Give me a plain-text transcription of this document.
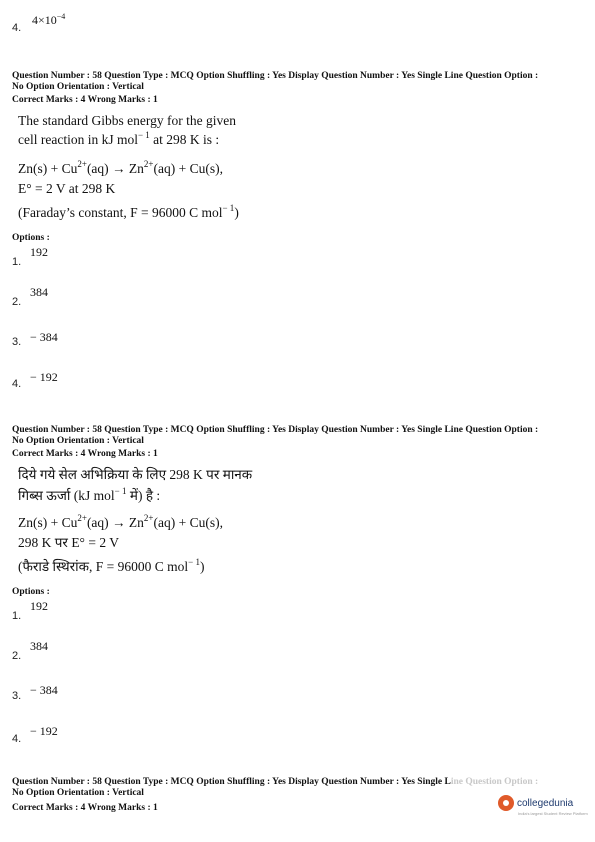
4.
$4\times 10^{-4}$
Question Number : 58 Question Type : MCQ Option Shuffling : Yes Display Question Number : Yes Single Line Question Option :
No Option Orientation : Vertical
Correct Marks : 4 Wrong Marks : 1
The standard Gibbs energy for the given
cell reaction in kJ mol$^{- 1}$ at 298 K is :
$Zn(s) + Cu^{2+}(aq) \to Zn^{2+}(aq) + Cu(s)$,
E° = 2 V at 298 K
(Faraday’s constant, F = 96000 C mol$^{- 1}$)
Options :
1.
192
2.
384
3. − 384
4. − 192
Question Number : 58 Question Type : MCQ Option Shuffling : Yes Display Question Number : Yes Single Line Question Option :
No Option Orientation : Vertical
Correct Marks : 4 Wrong Marks : 1
दिये गये सेल अभिक्रिया के लिए 298 K पर मानक
गिब्स ऊर्जा (kJ mol$^{- 1}$ में) है :
$Zn(s) + Cu^{2+}(aq) \to Zn^{2+}(aq) + Cu(s)$,
298 K पर E° = 2 V
(फैराडे स्थिरांक, F = 96000 C mol$^{- 1}$)
Options :
1.
192
2.
384
3. − 384
4.
− 192
Question Number : 58 Question Type : MCQ Option Shuffling : Yes Display Question Number : Yes Single Line Question Option :
No Option Orientation : Vertical
Correct Marks : 4 Wrong Marks : 1	collegedunia
India's largest Student Review Platform
